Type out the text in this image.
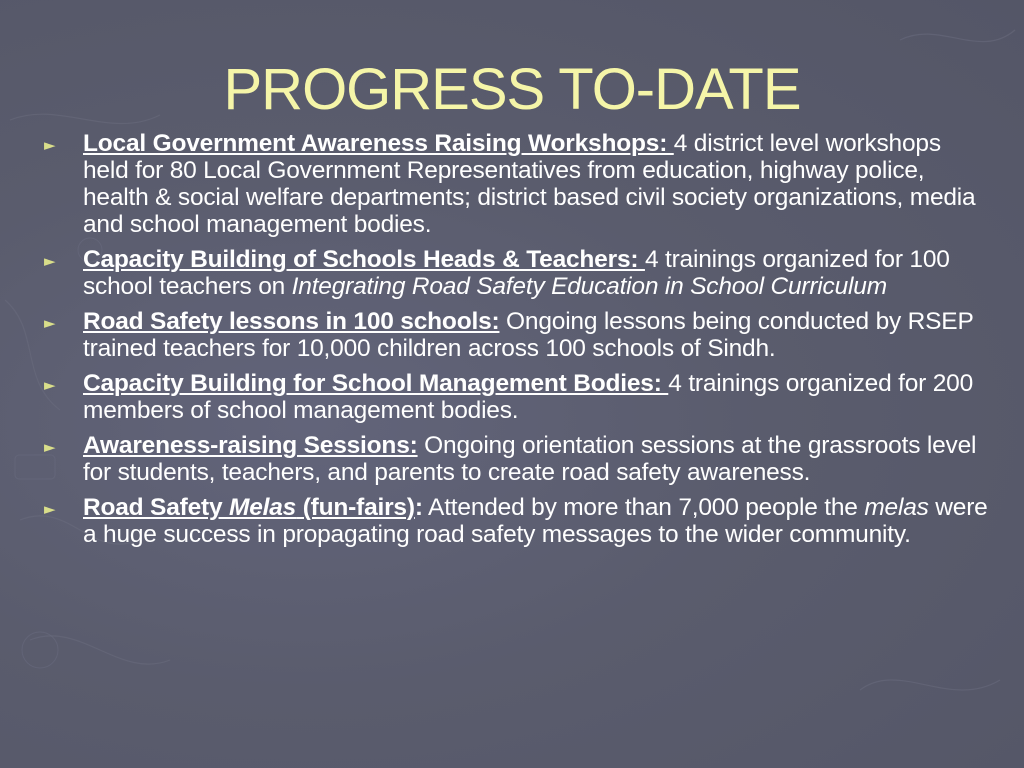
PROGRESS TO-DATE
►	Local Government Awareness Raising Workshops: 4 district level workshops held for 80 Local Government Representatives from education, highway police, health & social welfare departments; district based civil society organizations, media and school management bodies.
►	Capacity Building of Schools Heads & Teachers: 4 trainings organized for 100 school teachers on Integrating Road Safety Education in School Curriculum
►	Road Safety lessons in 100 schools: Ongoing lessons being conducted by RSEP trained teachers for 10,000 children across 100 schools of Sindh.
►	Capacity Building for School Management Bodies: 4 trainings organized for 200 members of school management bodies.
►	Awareness-raising Sessions: Ongoing orientation sessions at the grassroots level for students, teachers, and parents to create road safety awareness.
►	Road Safety Melas (fun-fairs): Attended by more than 7,000 people the melas were a huge success in propagating road safety messages to the wider community.
